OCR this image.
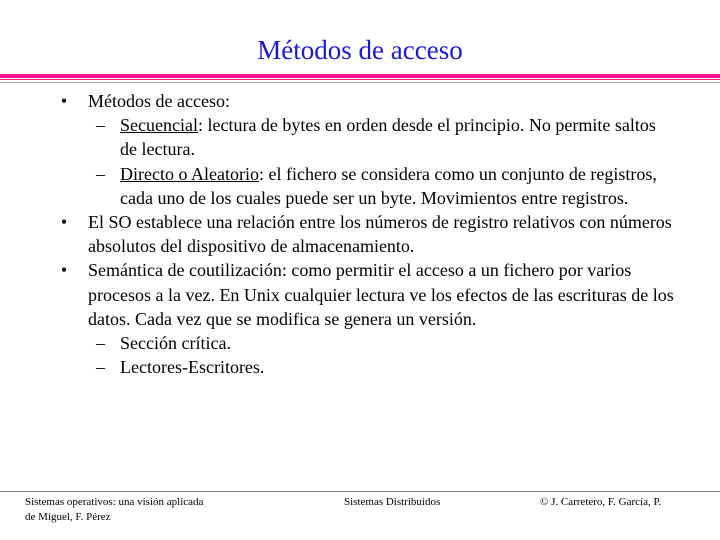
Métodos de acceso
• Métodos de acceso:
– Secuencial: lectura de bytes en orden desde el principio. No permite saltos de lectura.
– Directo o Aleatorio: el fichero se considera como un conjunto de registros, cada uno de los cuales puede ser un byte. Movimientos entre registros.
• El SO establece una relación entre los números de registro relativos con números absolutos del dispositivo de almacenamiento.
• Semántica de coutilización: como permitir el acceso a un fichero por varios procesos a la vez. En Unix cualquier lectura ve los efectos de las escrituras de los datos. Cada vez que se modifica se genera un versión.
– Sección crítica.
– Lectores-Escritores.
Sistemas operativos: una visión aplicada
de Miguel, F. Pérez
Sistemas Distribuidos	© J. Carretero, F. García, P.
